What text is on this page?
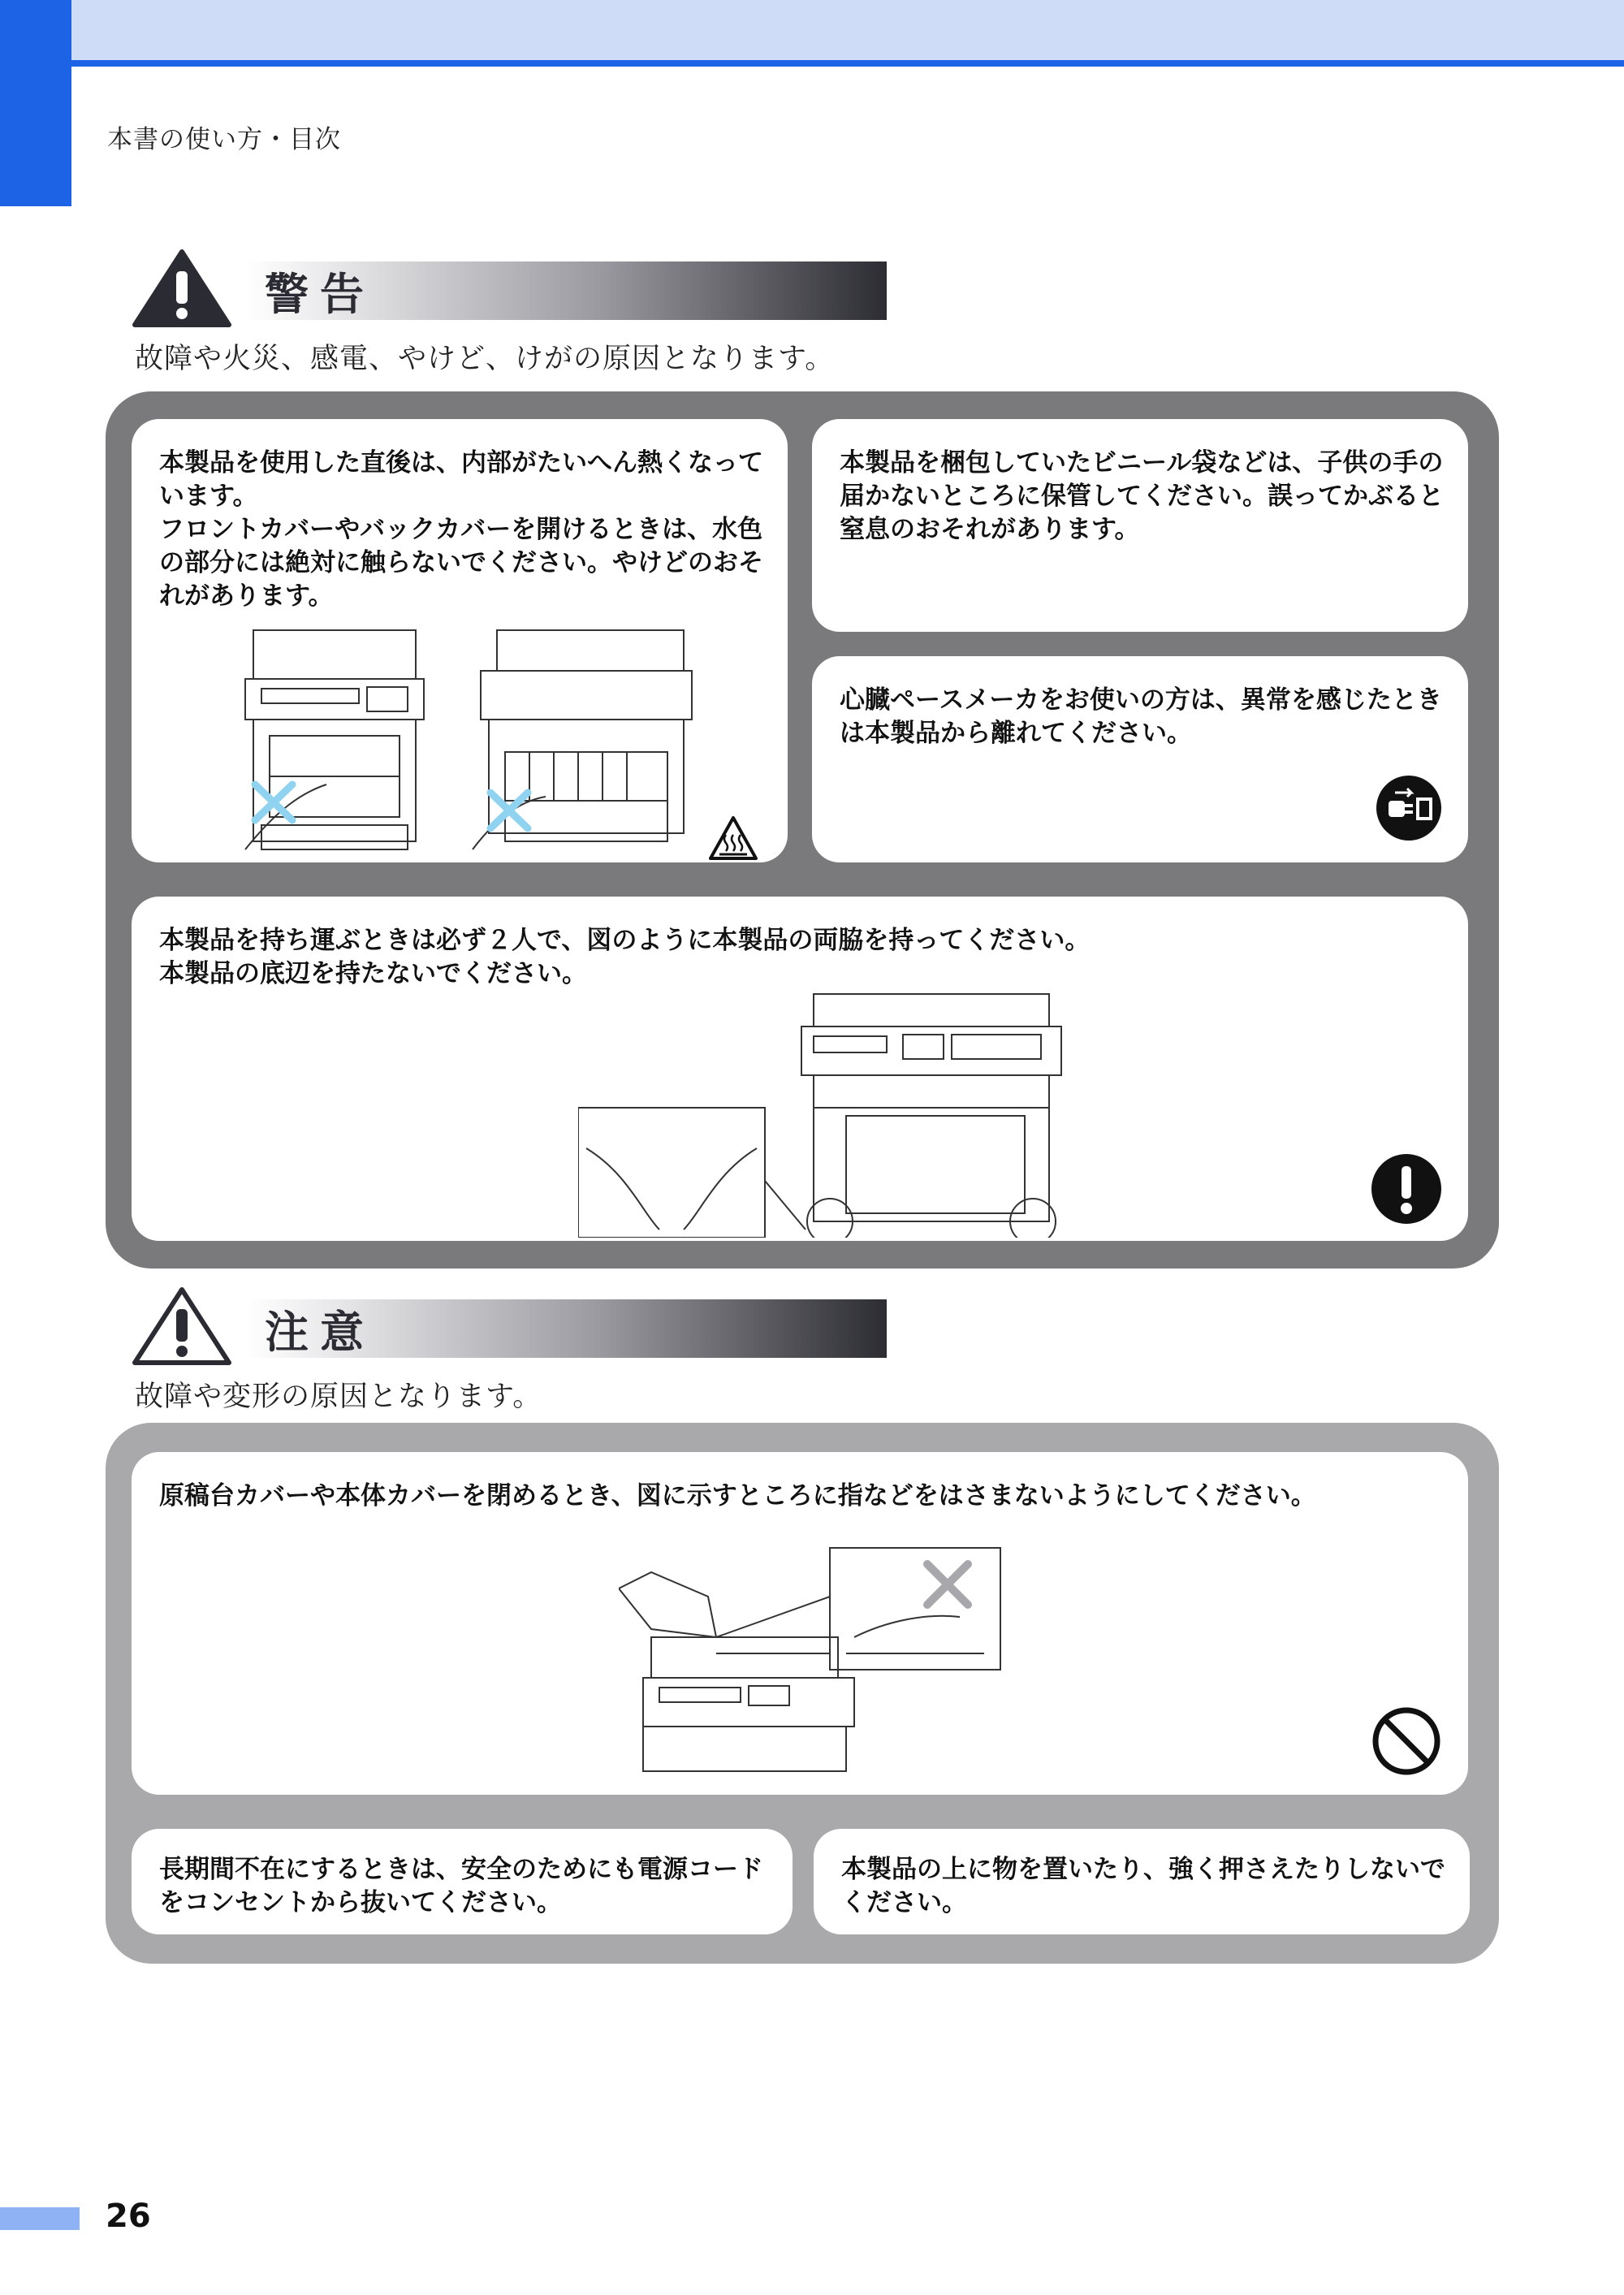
本書の使い方・目次
警告
故障や火災、感電、やけど、けがの原因となります。
本製品を使用した直後は、内部がたいへん熱くなって
います。
フロントカバーやバックカバーを開けるときは、水色
の部分には絶対に触らないでください。やけどのおそ
れがあります。
本製品を梱包していたビニール袋などは、子供の手の
届かないところに保管してください。誤ってかぶると
窒息のおそれがあります。
心臓ペースメーカをお使いの方は、異常を感じたとき
は本製品から離れてください。
本製品を持ち運ぶときは必ず２人で、図のように本製品の両脇を持ってください。
本製品の底辺を持たないでください。
注意
故障や変形の原因となります。
原稿台カバーや本体カバーを閉めるとき、図に示すところに指などをはさまないようにしてください。
長期間不在にするときは、安全のためにも電源コード
をコンセントから抜いてください。
本製品の上に物を置いたり、強く押さえたりしないで
ください。
26
